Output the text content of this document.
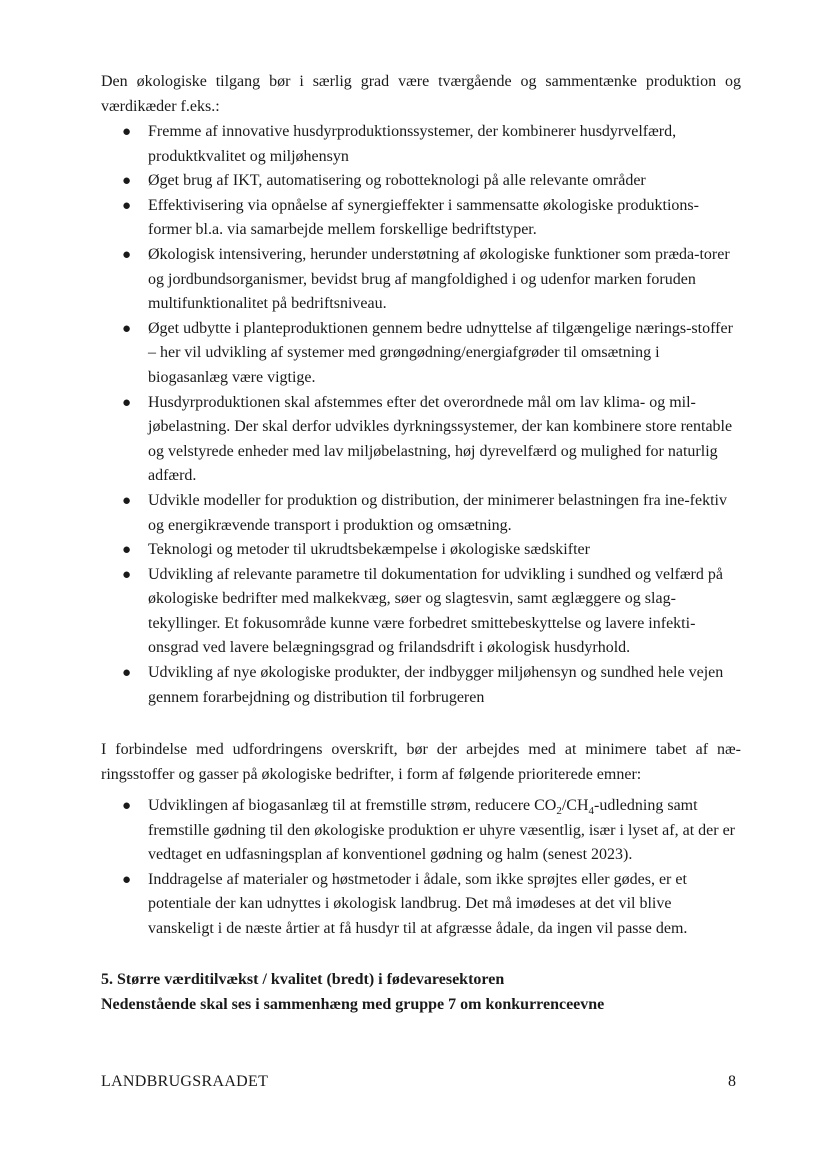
Den økologiske tilgang bør i særlig grad være tværgående og sammentænke produktion og værdikæder f.eks.:

● Fremme af innovative husdyrproduktionssystemer, der kombinerer husdyrvelfærd, produktkvalitet og miljøhensyn
● Øget brug af IKT, automatisering og robotteknologi på alle relevante områder
● Effektivisering via opnåelse af synergieffekter i sammensatte økologiske produktions-former bl.a. via samarbejde mellem forskellige bedriftstyper.
● Økologisk intensivering, herunder understøtning af økologiske funktioner som præda-torer og jordbundsorganismer, bevidst brug af mangfoldighed i og udenfor marken foruden multifunktionalitet på bedriftsniveau.
● Øget udbytte i planteproduktionen gennem bedre udnyttelse af tilgængelige nærings-stoffer – her vil udvikling af systemer med grøngødning/energiafgrøder til omsætning i biogasanlæg være vigtige.
● Husdyrproduktionen skal afstemmes efter det overordnede mål om lav klima- og mil-jøbelastning. Der skal derfor udvikles dyrkningssystemer, der kan kombinere store rentable og velstyrede enheder med lav miljøbelastning, høj dyrevelfærd og mulighed for naturlig adfærd.
● Udvikle modeller for produktion og distribution, der minimerer belastningen fra ine-fektiv og energikrævende transport i produktion og omsætning.
● Teknologi og metoder til ukrudtsbekæmpelse i økologiske sædskifter
● Udvikling af relevante parametre til dokumentation for udvikling i sundhed og velfærd på økologiske bedrifter med malkekvæg, søer og slagtesvin, samt æglæggere og slag-tekyllinger. Et fokusområde kunne være forbedret smittebeskyttelse og lavere infekti-onsgrad ved lavere belægningsgrad og frilandsdrift i økologisk husdyrhold.
● Udvikling af nye økologiske produkter, der indbygger miljøhensyn og sundhed hele vejen gennem forarbejdning og distribution til forbrugeren

I forbindelse med udfordringens overskrift, bør der arbejdes med at minimere tabet af næ-ringsstoffer og gasser på økologiske bedrifter, i form af følgende prioriterede emner:

● Udviklingen af biogasanlæg til at fremstille strøm, reducere $CO_2/CH_4$-udledning samt fremstille gødning til den økologiske produktion er uhyre væsentlig, især i lyset af, at der er vedtaget en udfasningsplan af konventionel gødning og halm (senest 2023).
● Inddragelse af materialer og høstmetoder i ådale, som ikke sprøjtes eller gødes, er et potentiale der kan udnyttes i økologisk landbrug. Det må imødeses at det vil blive vanskeligt i de næste årtier at få husdyr til at afgræsse ådale, da ingen vil passe dem.

5. Større værditilvækst / kvalitet (bredt) i fødevaresektoren

Nedenstående skal ses i sammenhæng med gruppe 7 om konkurrenceevne

LANDBRUGSRAADET	8
